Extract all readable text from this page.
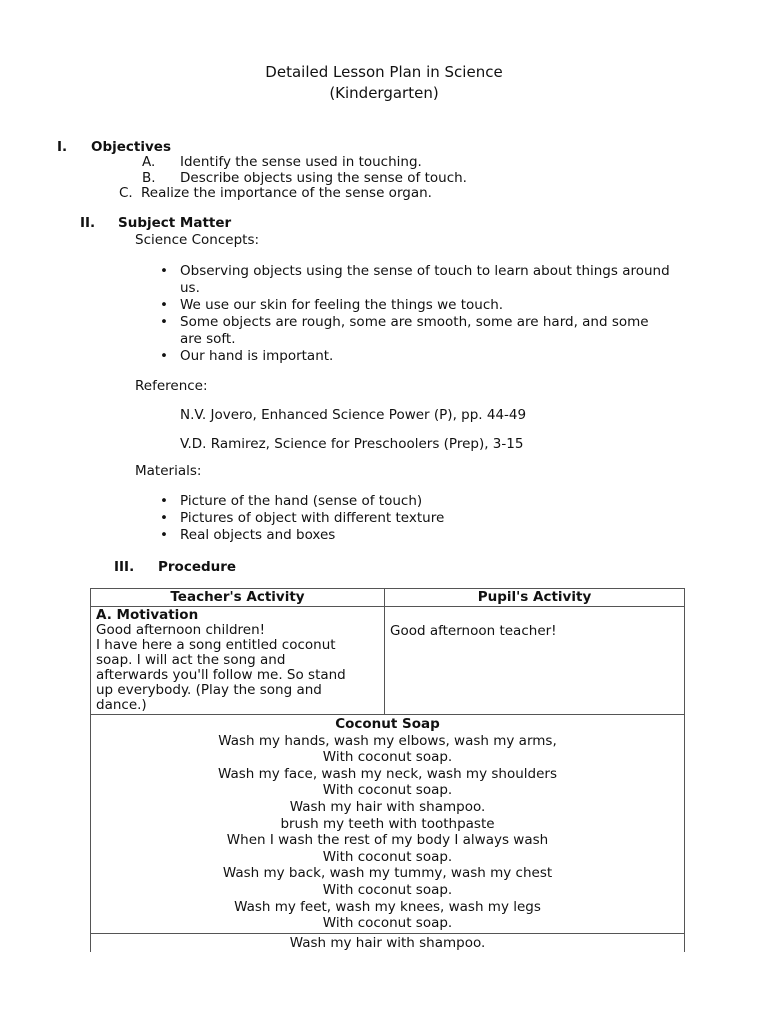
Detailed Lesson Plan in Science
(Kindergarten)
I. Objectives
A. Identify the sense used in touching.
B. Describe objects using the sense of touch.
C. Realize the importance of the sense organ.
II. Subject Matter
Science Concepts:
• Observing objects using the sense of touch to learn about things around us.
• We use our skin for feeling the things we touch.
• Some objects are rough, some are smooth, some are hard, and some are soft.
• Our hand is important.
Reference:
N.V. Jovero, Enhanced Science Power (P), pp. 44-49
V.D. Ramirez, Science for Preschoolers (Prep), 3-15
Materials:
• Picture of the hand (sense of touch)
• Pictures of object with different texture
• Real objects and boxes
III. Procedure
Teacher's Activity	Pupil's Activity
A. Motivation
Good afternoon children!
I have here a song entitled coconut
soap. I will act the song and
afterwards you'll follow me. So stand
up everybody. (Play the song and
dance.)
Good afternoon teacher!
Coconut Soap
Wash my hands, wash my elbows, wash my arms,
With coconut soap.
Wash my face, wash my neck, wash my shoulders
With coconut soap.
Wash my hair with shampoo.
brush my teeth with toothpaste
When I wash the rest of my body I always wash
With coconut soap.
Wash my back, wash my tummy, wash my chest
With coconut soap.
Wash my feet, wash my knees, wash my legs
With coconut soap.
Wash my hair with shampoo.
